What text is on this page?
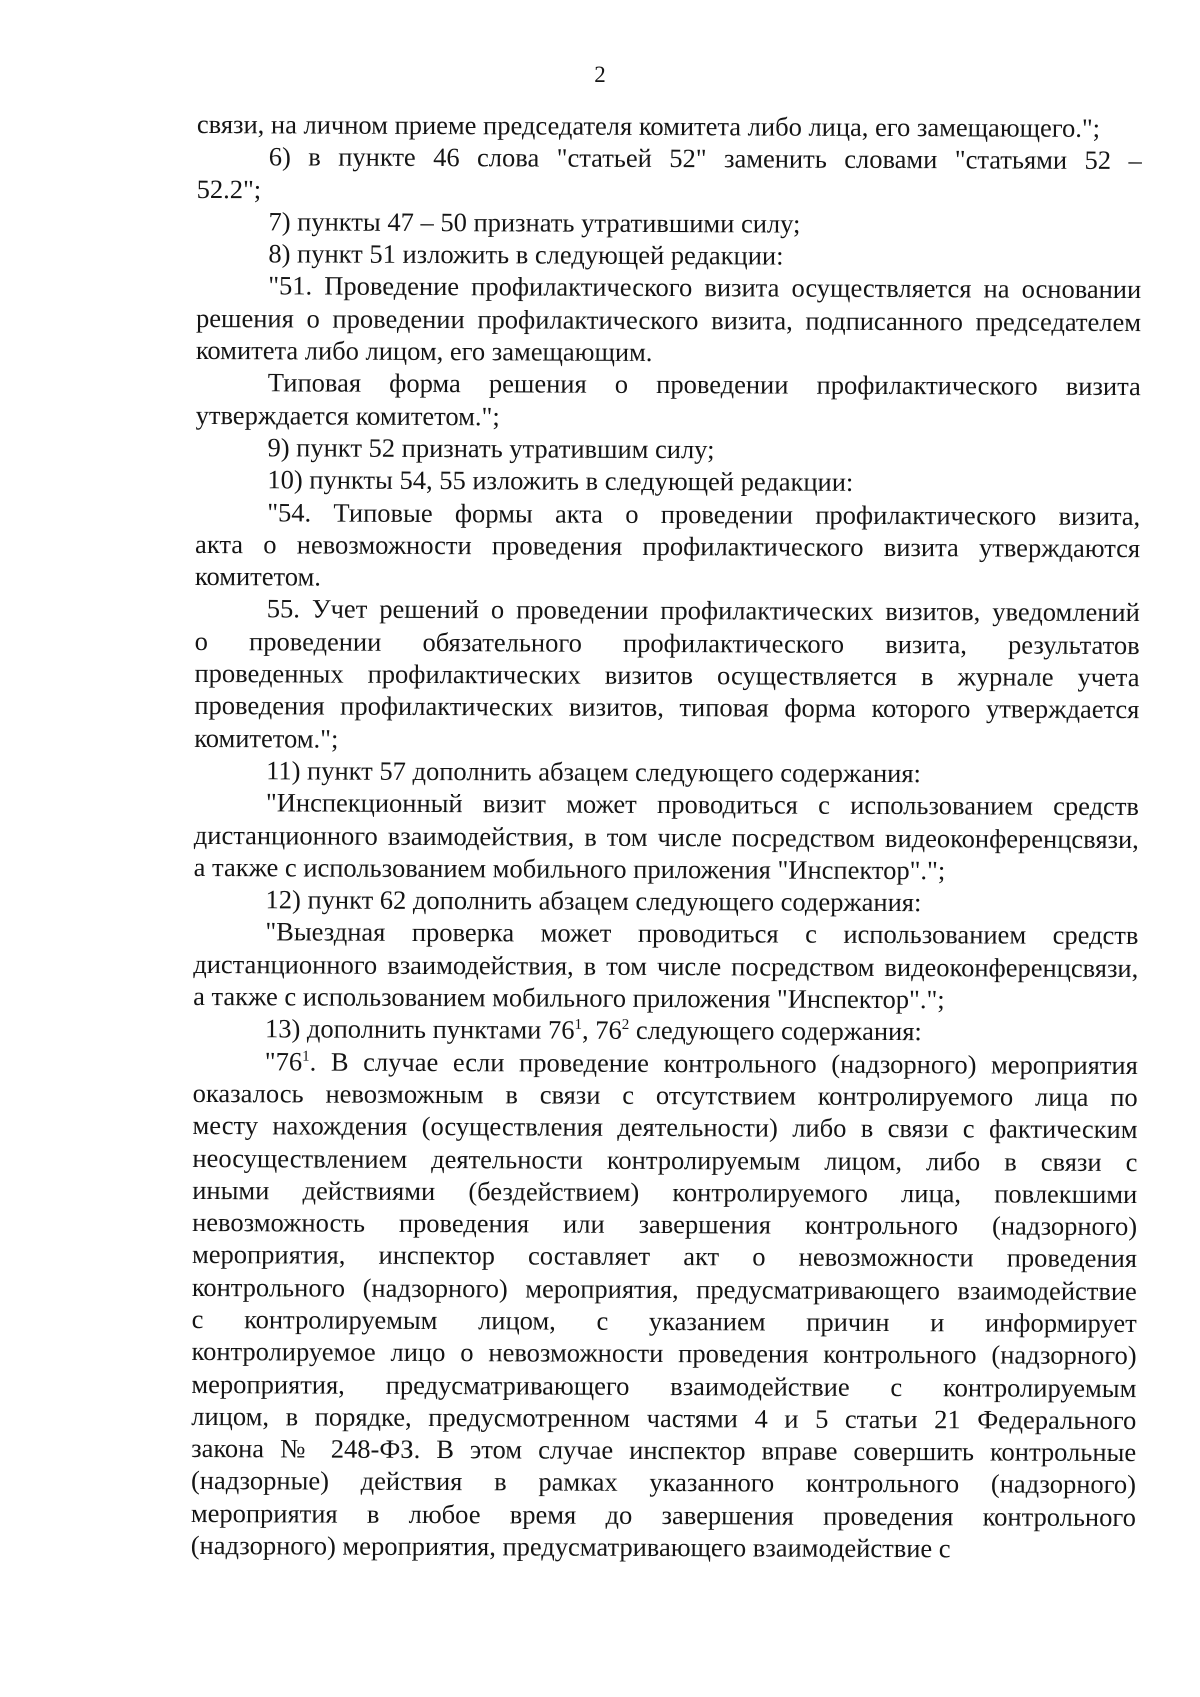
2
связи, на личном приеме председателя комитета либо лица, его замещающего.";
6) в пункте 46 слова "статьей 52" заменить словами "статьями 52 –
52.2";
7) пункты 47 – 50 признать утратившими силу;
8) пункт 51 изложить в следующей редакции:
"51. Проведение профилактического визита осуществляется на основании
решения о проведении профилактического визита, подписанного председателем
комитета либо лицом, его замещающим.
Типовая форма решения о проведении профилактического визита
утверждается комитетом.";
9) пункт 52 признать утратившим силу;
10) пункты 54, 55 изложить в следующей редакции:
"54. Типовые формы акта о проведении профилактического визита,
акта о невозможности проведения профилактического визита утверждаются
комитетом.
55. Учет решений о проведении профилактических визитов, уведомлений
о проведении обязательного профилактического визита, результатов
проведенных профилактических визитов осуществляется в журнале учета
проведения профилактических визитов, типовая форма которого утверждается
комитетом.";
11) пункт 57 дополнить абзацем следующего содержания:
"Инспекционный визит может проводиться с использованием средств
дистанционного взаимодействия, в том числе посредством видеоконференцсвязи,
а также с использованием мобильного приложения "Инспектор".";
12) пункт 62 дополнить абзацем следующего содержания:
"Выездная проверка может проводиться с использованием средств
дистанционного взаимодействия, в том числе посредством видеоконференцсвязи,
а также с использованием мобильного приложения "Инспектор".";
13) дополнить пунктами $76^1$, $76^2$ следующего содержания:
"$76^1$. В случае если проведение контрольного (надзорного) мероприятия
оказалось невозможным в связи с отсутствием контролируемого лица по
месту нахождения (осуществления деятельности) либо в связи с фактическим
неосуществлением деятельности контролируемым лицом, либо в связи с
иными действиями (бездействием) контролируемого лица, повлекшими
невозможность проведения или завершения контрольного (надзорного)
мероприятия, инспектор составляет акт о невозможности проведения
контрольного (надзорного) мероприятия, предусматривающего взаимодействие
с контролируемым лицом, с указанием причин и информирует
контролируемое лицо о невозможности проведения контрольного (надзорного)
мероприятия, предусматривающего взаимодействие с контролируемым
лицом, в порядке, предусмотренном частями 4 и 5 статьи 21 Федерального
закона № 248-ФЗ. В этом случае инспектор вправе совершить контрольные
(надзорные) действия в рамках указанного контрольного (надзорного)
мероприятия в любое время до завершения проведения контрольного
(надзорного) мероприятия, предусматривающего взаимодействие с
